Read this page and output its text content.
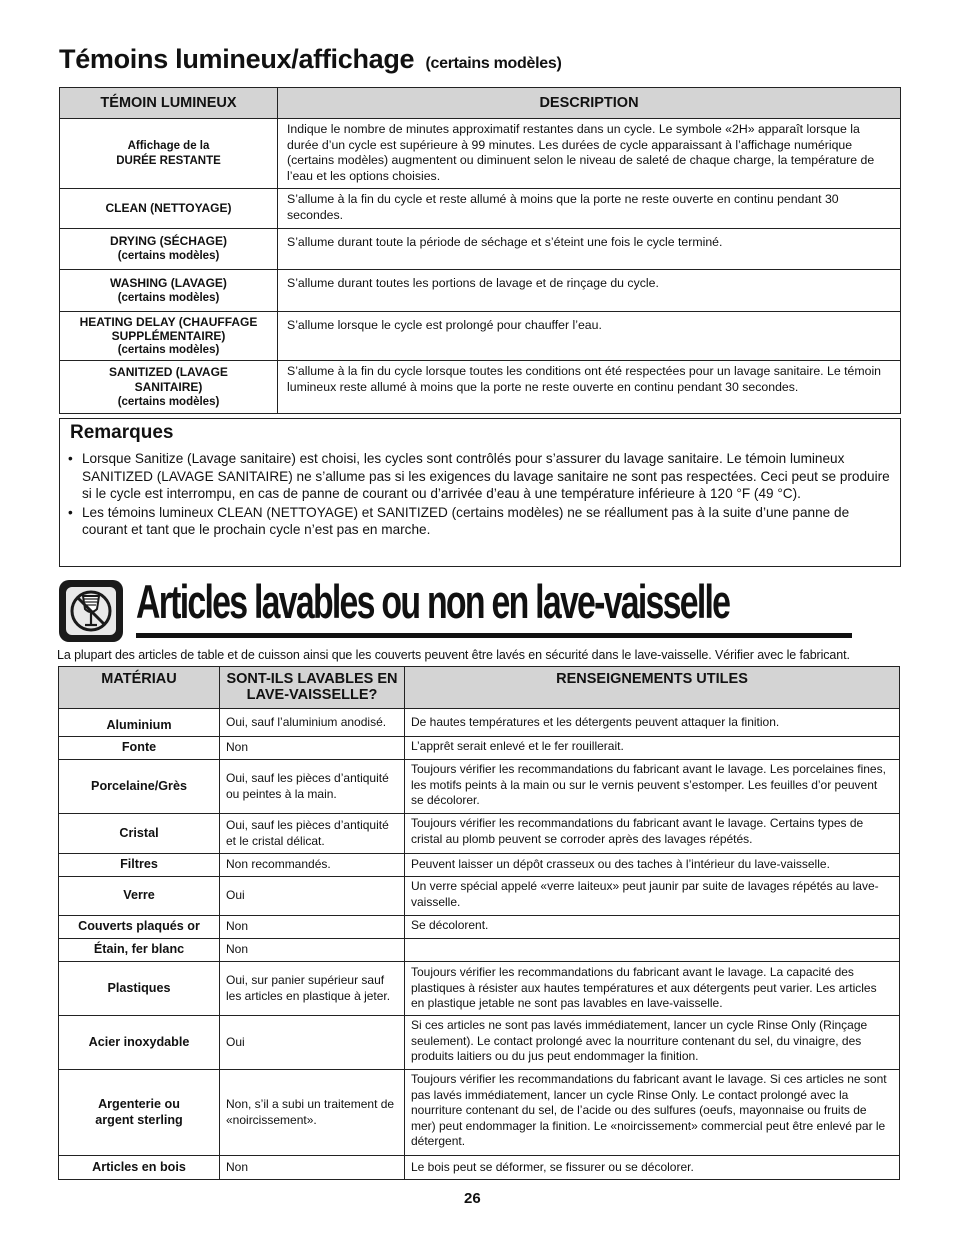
Témoins lumineux/affichage (certains modèles)
TÉMOIN LUMINEUX	DESCRIPTION

Affichage de la
DURÉE RESTANTE	Indique le nombre de minutes approximatif restantes dans un cycle. Le symbole «2H» apparaît lorsque la durée d’un cycle est supérieure à 99 minutes. Les durées de cycle apparaissant à l’affichage numérique (certains modèles) augmentent ou diminuent selon le niveau de saleté de chaque charge, la température de l’eau et les options choisies.

CLEAN (NETTOYAGE)	S’allume à la fin du cycle et reste allumé à moins que la porte ne reste ouverte en continu pendant 30 secondes.

DRYING (SÉCHAGE)
(certains modèles)	S’allume durant toute la période de séchage et s’éteint une fois le cycle terminé.

WASHING (LAVAGE)
(certains modèles)	S’allume durant toutes les portions de lavage et de rinçage du cycle.

HEATING DELAY (CHAUFFAGE SUPPLÉMENTAIRE)
(certains modèles)	S’allume lorsque le cycle est prolongé pour chauffer l’eau.

SANITIZED (LAVAGE SANITAIRE)
(certains modèles)	S’allume à la fin du cycle lorsque toutes les conditions ont été respectées pour un lavage sanitaire. Le témoin lumineux reste allumé à moins que la porte ne reste ouverte en continu pendant 30 secondes.
Remarques
• Lorsque Sanitize (Lavage sanitaire) est choisi, les cycles sont contrôlés pour s’assurer du lavage sanitaire. Le témoin lumineux SANITIZED (LAVAGE SANITAIRE) ne s’allume pas si les exigences du lavage sanitaire ne sont pas respectées. Ceci peut se produire si le cycle est interrompu, en cas de panne de courant ou d’arrivée d’eau à une température inférieure à 120 °F (49 °C).
• Les témoins lumineux CLEAN (NETTOYAGE) et SANITIZED (certains modèles) ne se réallument pas à la suite d’une panne de courant et tant que le prochain cycle n’est pas en marche.
Articles lavables ou non en lave-vaisselle
La plupart des articles de table et de cuisson ainsi que les couverts peuvent être lavés en sécurité dans le lave-vaisselle. Vérifier avec le fabricant.
MATÉRIAU	SONT-ILS LAVABLES EN LAVE-VAISSELLE?	RENSEIGNEMENTS UTILES
Aluminium	Oui, sauf l’aluminium anodisé.	De hautes températures et les détergents peuvent attaquer la finition.
Fonte	Non	L’apprêt serait enlevé et le fer rouillerait.
Porcelaine/Grès	Oui, sauf les pièces d’antiquité ou peintes à la main.	Toujours vérifier les recommandations du fabricant avant le lavage. Les porcelaines fines, les motifs peints à la main ou sur le vernis peuvent s’estomper. Les feuilles d’or peuvent se décolorer.
Cristal	Oui, sauf les pièces d’antiquité et le cristal délicat.	Toujours vérifier les recommandations du fabricant avant le lavage. Certains types de cristal au plomb peuvent se corroder après des lavages répétés.
Filtres	Non recommandés.	Peuvent laisser un dépôt crasseux ou des taches à l’intérieur du lave-vaisselle.
Verre	Oui	Un verre spécial appelé «verre laiteux» peut jaunir par suite de lavages répétés au lave-vaisselle.
Couverts plaqués or	Non	Se décolorent.
Étain, fer blanc	Non	
Plastiques	Oui, sur panier supérieur sauf les articles en plastique à jeter.	Toujours vérifier les recommandations du fabricant avant le lavage. La capacité des plastiques à résister aux hautes températures et aux détergents peut varier. Les articles en plastique jetable ne sont pas lavables en lave-vaisselle.
Acier inoxydable	Oui	Si ces articles ne sont pas lavés immédiatement, lancer un cycle Rinse Only (Rinçage seulement). Le contact prolongé avec la nourriture contenant du sel, du vinaigre, des produits laitiers ou du jus peut endommager la finition.
Argenterie ou argent sterling	Non, s’il a subi un traitement de «noircissement».	Toujours vérifier les recommandations du fabricant avant le lavage. Si ces articles ne sont pas lavés immédiatement, lancer un cycle Rinse Only. Le contact prolongé avec la nourriture contenant du sel, de l’acide ou des sulfures (oeufs, mayonnaise ou fruits de mer) peut endommager la finition. Le «noircissement» commercial peut être enlevé par le détergent.
Articles en bois	Non	Le bois peut se déformer, se fissurer ou se décolorer.
26
